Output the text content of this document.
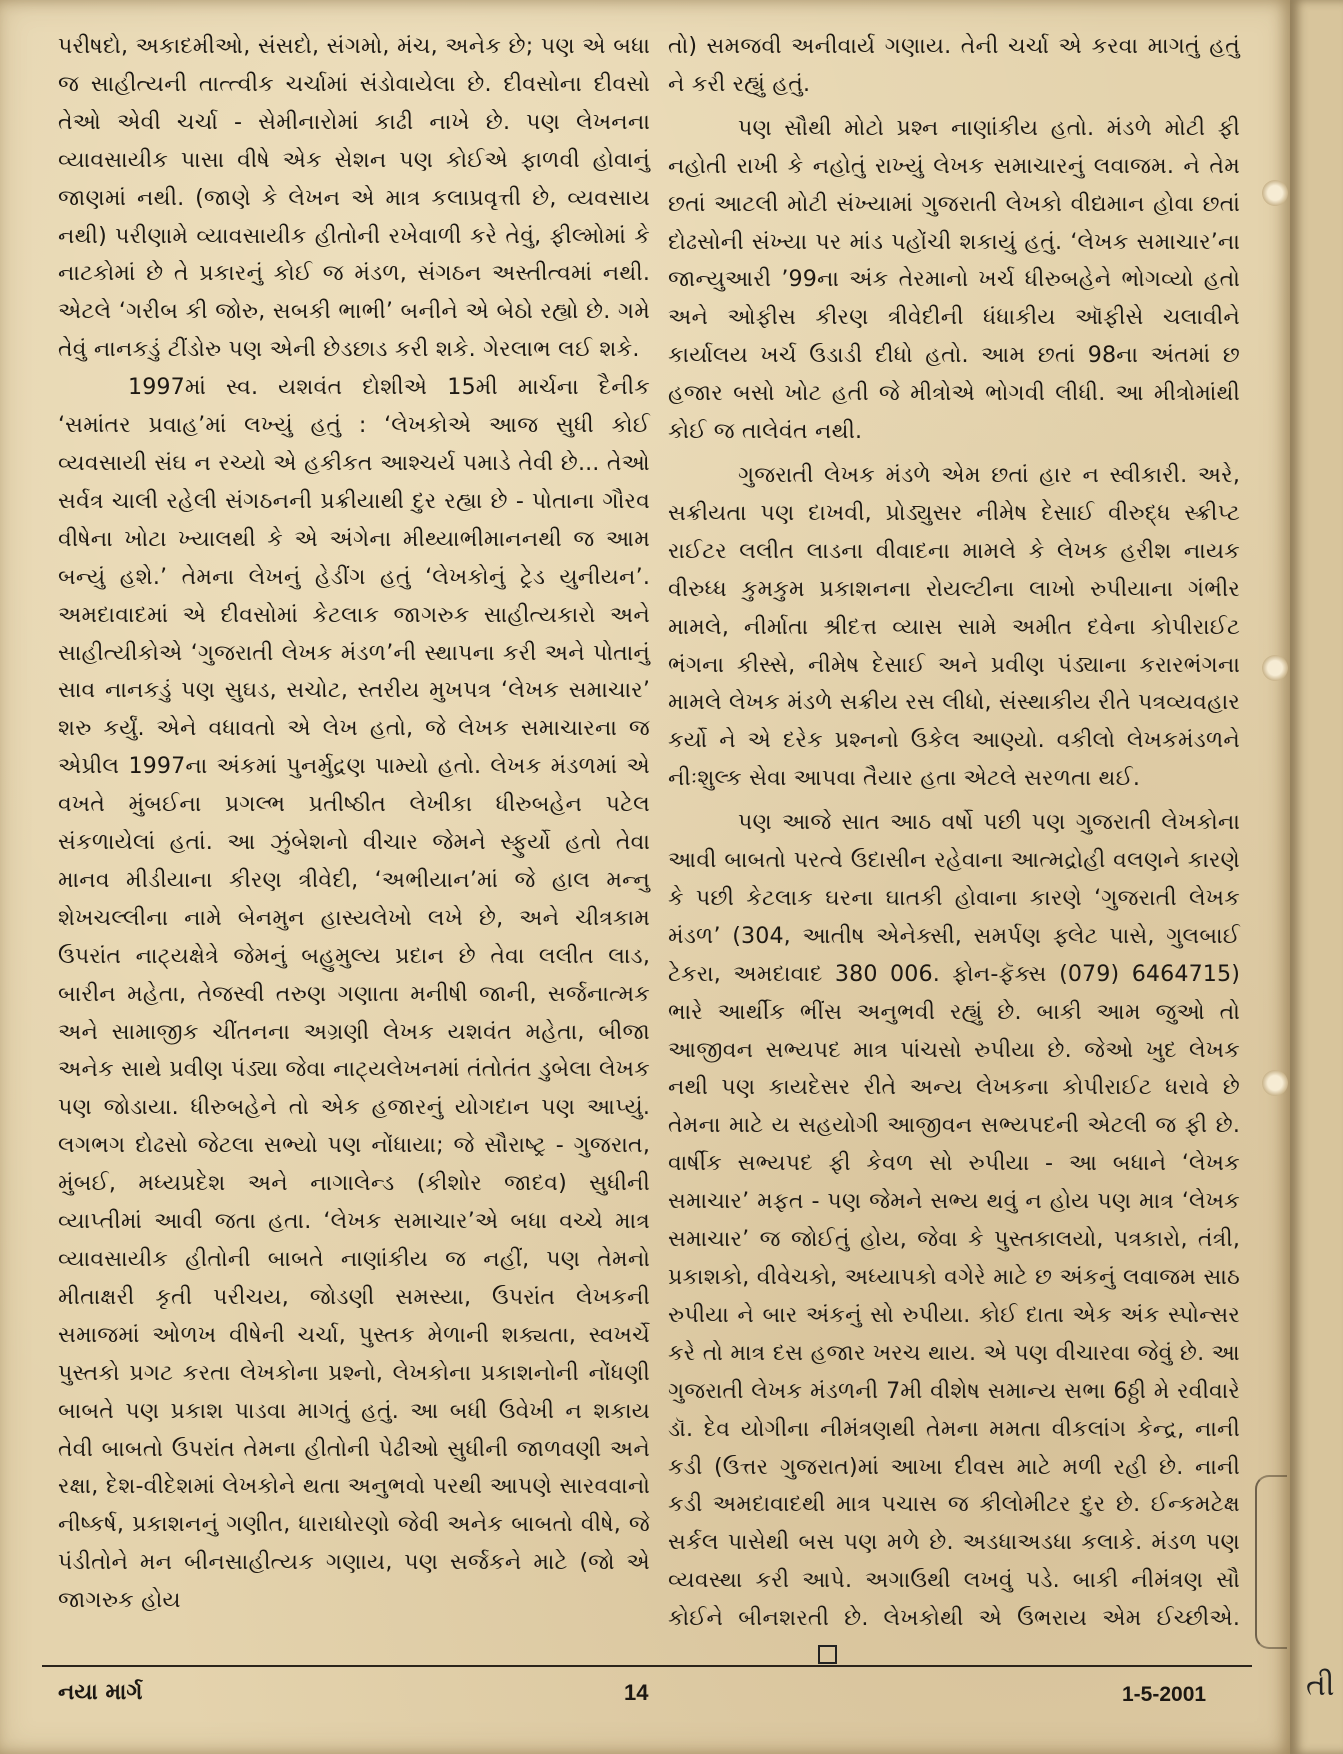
પરીષદો, અકાદમીઓ, સંસદો, સંગમો, મંચ, અનેક છે; પણ એ બધા જ સાહીત્યની તાત્ત્વીક ચર્ચામાં સંડોવાયેલા છે. દીવસોના દીવસો તેઓ એવી ચર્ચા - સેમીનારોમાં કાઢી નાખે છે. પણ લેખનના વ્યાવસાયીક પાસા વીષે એક સેશન પણ કોઈએ ફાળવી હોવાનું જાણમાં નથી. (જાણે કે લેખન એ માત્ર કલાપ્રવૃત્તી છે, વ્યવસાય નથી) પરીણામે વ્યાવસાયીક હીતોની રખેવાળી કરે તેવું, ફીલ્મોમાં કે નાટકોમાં છે તે પ્રકારનું કોઈ જ મંડળ, સંગઠન અસ્તીત્વમાં નથી. એટલે ‘ગરીબ કી જોરુ, સબકી ભાભી’ બનીને એ બેઠો રહ્યો છે. ગમે તેવું નાનકડું ટીંડોરુ પણ એની છેડછાડ કરી શકે. ગેરલાભ લઈ શકે.

1997માં સ્વ. યશવંત દોશીએ 15મી માર્ચના દૈનીક ‘સમાંતર પ્રવાહ’માં લખ્યું હતું : ‘લેખકોએ આજ સુધી કોઈ વ્યવસાયી સંઘ ન રચ્યો એ હકીકત આશ્ચર્ય પમાડે તેવી છે... તેઓ સર્વત્ર ચાલી રહેલી સંગઠનની પ્રક્રીયાથી દુર રહ્યા છે - પોતાના ગૌરવ વીષેના ખોટા ખ્યાલથી કે એ અંગેના મીથ્યાભીમાનનથી જ આમ બન્યું હશે.’ તેમના લેખનું હેડીંગ હતું ‘લેખકોનું ટ્રેડ યુનીયન’. અમદાવાદમાં એ દીવસોમાં કેટલાક જાગરુક સાહીત્યકારો અને સાહીત્યીકોએ ‘ગુજરાતી લેખક મંડળ’ની સ્થાપના કરી અને પોતાનું સાવ નાનકડું પણ સુઘડ, સચોટ, સ્તરીય મુખપત્ર ‘લેખક સમાચાર’ શરુ કર્યું. એને વધાવતો એ લેખ હતો, જે લેખક સમાચારના જ એપ્રીલ 1997ના અંકમાં પુનર્મુદ્રણ પામ્યો હતો. લેખક મંડળમાં એ વખતે મુંબઈના પ્રગલ્ભ પ્રતીષ્ઠીત લેખીકા ધીરુબહેન પટેલ સંકળાયેલાં હતાં. આ ઝુંબેશનો વીચાર જેમને સ્ફુર્યો હતો તેવા માનવ મીડીયાના કીરણ ત્રીવેદી, ‘અભીયાન’માં જે હાલ મન્નુ શેખચલ્લીના નામે બેનમુન હાસ્યલેખો લખે છે, અને ચીત્રકામ ઉપરાંત નાટ્યક્ષેત્રે જેમનું બહુમુલ્ય પ્રદાન છે તેવા લલીત લાડ, બારીન મહેતા, તેજસ્વી તરુણ ગણાતા મનીષી જાની, સર્જનાત્મક અને સામાજીક ચીંતનના અગ્રણી લેખક યશવંત મહેતા, બીજા અનેક સાથે પ્રવીણ પંડ્યા જેવા નાટ્યલેખનમાં તંતોતંત ડુબેલા લેખક પણ જોડાયા. ધીરુબહેને તો એક હજારનું યોગદાન પણ આપ્યું. લગભગ દોઢસો જેટલા સભ્યો પણ નોંધાયા; જે સૌરાષ્ટ્ર - ગુજરાત, મુંબઈ, મધ્યપ્રદેશ અને નાગાલેન્ડ (કીશોર જાદવ) સુધીની વ્યાપ્તીમાં આવી જતા હતા. ‘લેખક સમાચાર’એ બધા વચ્ચે માત્ર વ્યાવસાયીક હીતોની બાબતે નાણાંકીય જ નહીં, પણ તેમનો મીતાક્ષરી કૃતી પરીચય, જોડણી સમસ્યા, ઉપરાંત લેખકની સમાજમાં ઓળખ વીષેની ચર્ચા, પુસ્તક મેળાની શક્યતા, સ્વખર્ચે પુસ્તકો પ્રગટ કરતા લેખકોના પ્રશ્નો, લેખકોના પ્રકાશનોની નોંધણી બાબતે પણ પ્રકાશ પાડવા માગતું હતું. આ બધી ઉવેખી ન શકાય તેવી બાબતો ઉપરાંત તેમના હીતોની પેઢીઓ સુધીની જાળવણી અને રક્ષા, દેશ-વીદેશમાં લેખકોને થતા અનુભવો પરથી આપણે સારવવાનો નીષ્કર્ષ, પ્રકાશનનું ગણીત, ધારાધોરણો જેવી અનેક બાબતો વીષે, જે પંડીતોને મન બીનસાહીત્યક ગણાય, પણ સર્જકને માટે (જો એ જાગરુક હોય

તો) સમજવી અનીવાર્ય ગણાય. તેની ચર્ચા એ કરવા માગતું હતું ને કરી રહ્યું હતું.

પણ સૌથી મોટો પ્રશ્ન નાણાંકીય હતો. મંડળે મોટી ફી નહોતી રાખી કે નહોતું રાખ્યું લેખક સમાચારનું લવાજમ. ને તેમ છતાં આટલી મોટી સંખ્યામાં ગુજરાતી લેખકો વીદ્યમાન હોવા છતાં દોઢસોની સંખ્યા પર માંડ પહોંચી શકાયું હતું. ‘લેખક સમાચાર’ના જાન્યુઆરી ’99ના અંક તેરમાનો ખર્ચ ધીરુબહેને ભોગવ્યો હતો અને ઓફીસ કીરણ ત્રીવેદીની ધંધાકીય ઑફીસે ચલાવીને કાર્યાલય ખર્ચ ઉડાડી દીધો હતો. આમ છતાં 98ના અંતમાં છ હજાર બસો ખોટ હતી જે મીત્રોએ ભોગવી લીધી. આ મીત્રોમાંથી કોઈ જ તાલેવંત નથી.

ગુજરાતી લેખક મંડળે એમ છતાં હાર ન સ્વીકારી. અરે, સક્રીયતા પણ દાખવી, પ્રોડ્યુસર નીમેષ દેસાઈ વીરુદ્ધ સ્ક્રીપ્ટ રાઈટર લલીત લાડના વીવાદના મામલે કે લેખક હરીશ નાયક વીરુધ્ધ કુમકુમ પ્રકાશનના રોયલ્ટીના લાખો રુપીયાના ગંભીર મામલે, નીર્માતા શ્રીદત્ત વ્યાસ સામે અમીત દવેના કોપીરાઈટ ભંગના કીસ્સે, નીમેષ દેસાઈ અને પ્રવીણ પંડ્યાના કરારભંગના મામલે લેખક મંડળે સક્રીય રસ લીધો, સંસ્થાકીય રીતે પત્રવ્યવહાર કર્યો ને એ દરેક પ્રશ્નનો ઉકેલ આણ્યો. વકીલો લેખકમંડળને નીઃશુલ્ક સેવા આપવા તૈયાર હતા એટલે સરળતા થઈ.

પણ આજે સાત આઠ વર્ષો પછી પણ ગુજરાતી લેખકોના આવી બાબતો પરત્વે ઉદાસીન રહેવાના આત્મદ્રોહી વલણને કારણે કે પછી કેટલાક ઘરના ઘાતકી હોવાના કારણે ‘ગુજરાતી લેખક મંડળ’ (304, આતીષ એનેક્સી, સમર્પણ ફ્લેટ પાસે, ગુલબાઈ ટેકરા, અમદાવાદ 380 006. ફોન-ફૅક્સ (079) 6464715) ભારે આર્થીક ભીંસ અનુભવી રહ્યું છે. બાકી આમ જુઓ તો આજીવન સભ્યપદ માત્ર પાંચસો રુપીયા છે. જેઓ ખુદ લેખક નથી પણ કાયદેસર રીતે અન્ય લેખકના કોપીરાઈટ ધરાવે છે તેમના માટે ય સહયોગી આજીવન સભ્યપદની એટલી જ ફી છે. વાર્ષીક સભ્યપદ ફી કેવળ સો રુપીયા - આ બધાને ‘લેખક સમાચાર’ મફત - પણ જેમને સભ્ય થવું ન હોય પણ માત્ર ‘લેખક સમાચાર’ જ જોઈતું હોય, જેવા કે પુસ્તકાલયો, પત્રકારો, તંત્રી, પ્રકાશકો, વીવેચકો, અધ્યાપકો વગેરે માટે છ અંકનું લવાજમ સાઠ રુપીયા ને બાર અંકનું સો રુપીયા. કોઈ દાતા એક અંક સ્પોન્સર કરે તો માત્ર દસ હજાર ખરચ થાય. એ પણ વીચારવા જેવું છે. આ ગુજરાતી લેખક મંડળની 7મી વીશેષ સમાન્ય સભા 6ઠ્ઠી મે રવીવારે ડૉ. દેવ યોગીના નીમંત્રણથી તેમના મમતા વીકલાંગ કેન્દ્ર, નાની કડી (ઉત્તર ગુજરાત)માં આખા દીવસ માટે મળી રહી છે. નાની કડી અમદાવાદથી માત્ર પચાસ જ કીલોમીટર દુર છે. ઈન્કમટેક્ષ સર્કલ પાસેથી બસ પણ મળે છે. અડધાઅડધા કલાકે. મંડળ પણ વ્યવસ્થા કરી આપે. અગાઉથી લખવું પડે. બાકી નીમંત્રણ સૌ કોઈને બીનશરતી છે. લેખકોથી એ ઉભરાય એમ ઈચ્છીએ.

નયા માર્ગ	14	1-5-2001	તી
